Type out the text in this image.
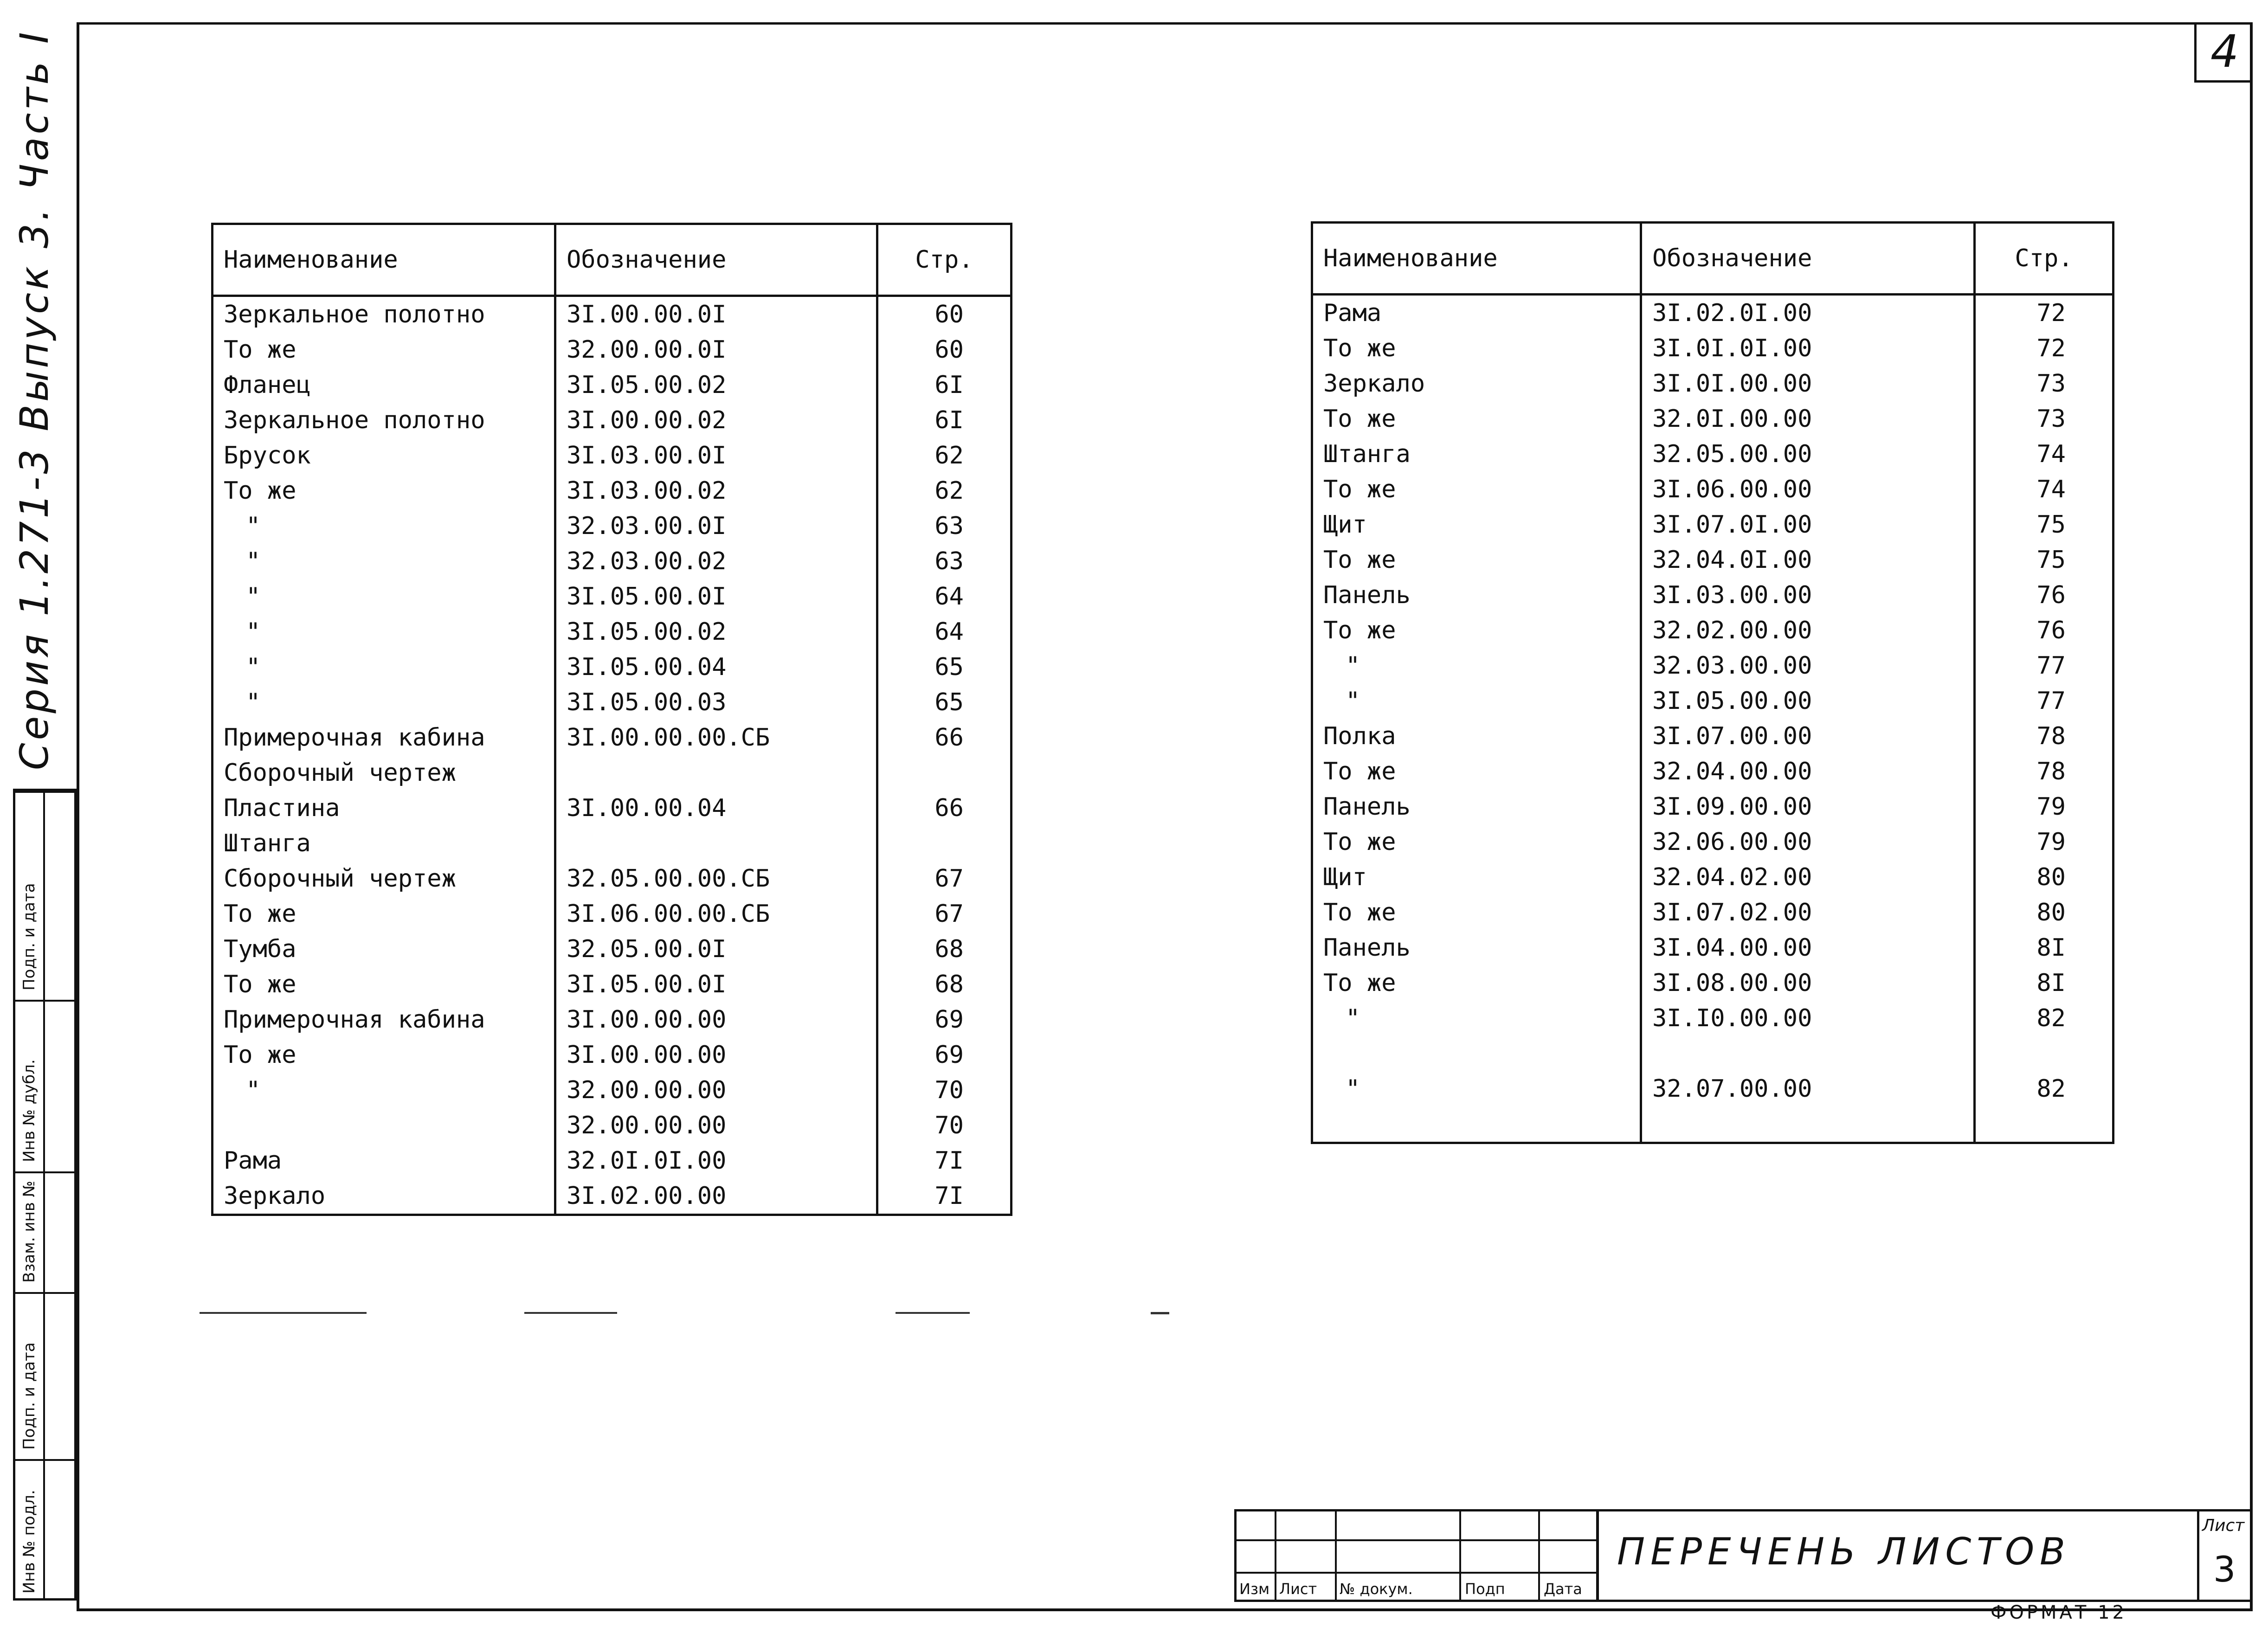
4
Серия 1.271-3 Выпуск 3. Часть I
Инв № подл.
Подп. и дата
Взам. инв №
Инв № дубл.
Подп. и дата
Наименование	Обозначение	Стр.
Зеркальное полотно	3I.00.00.0I	60
То же	32.00.00.0I	60
Фланец	3I.05.00.02	6I
Зеркальное полотно	3I.00.00.02	6I
Брусок	3I.03.00.0I	62
То же	3I.03.00.02	62
"	32.03.00.0I	63
"	32.03.00.02	63
"	3I.05.00.0I	64
"	3I.05.00.02	64
"	3I.05.00.04	65
"	3I.05.00.03	65
Примерочная кабина	3I.00.00.00.СБ	66
Сборочный чертеж		
Пластина	3I.00.00.04	66
Штанга		
Сборочный чертеж	32.05.00.00.СБ	67
То же	3I.06.00.00.СБ	67
Тумба	32.05.00.0I	68
То же	3I.05.00.0I	68
Примерочная кабина	3I.00.00.00	69
То же	3I.00.00.00	69
"	32.00.00.00	70
	32.00.00.00	70
Рама	32.0I.0I.00	7I
Зеркало	3I.02.00.00	7I
Наименование	Обозначение	Стр.
Рама	3I.02.0I.00	72
То же	3I.0I.0I.00	72
Зеркало	3I.0I.00.00	73
То же	32.0I.00.00	73
Штанга	32.05.00.00	74
То же	3I.06.00.00	74
Щит	3I.07.0I.00	75
То же	32.04.0I.00	75
Панель	3I.03.00.00	76
То же	32.02.00.00	76
"	32.03.00.00	77
"	3I.05.00.00	77
Полка	3I.07.00.00	78
То же	32.04.00.00	78
Панель	3I.09.00.00	79
То же	32.06.00.00	79
Щит	32.04.02.00	80
То же	3I.07.02.00	80
Панель	3I.04.00.00	8I
То же	3I.08.00.00	8I
"	3I.I0.00.00	82

"	32.07.00.00	82

Изм Лист № докум.	Подп	Дата
ПЕРЕЧЕНЬ ЛИСТОВ
Лист
3
ФОРМАТ 12
